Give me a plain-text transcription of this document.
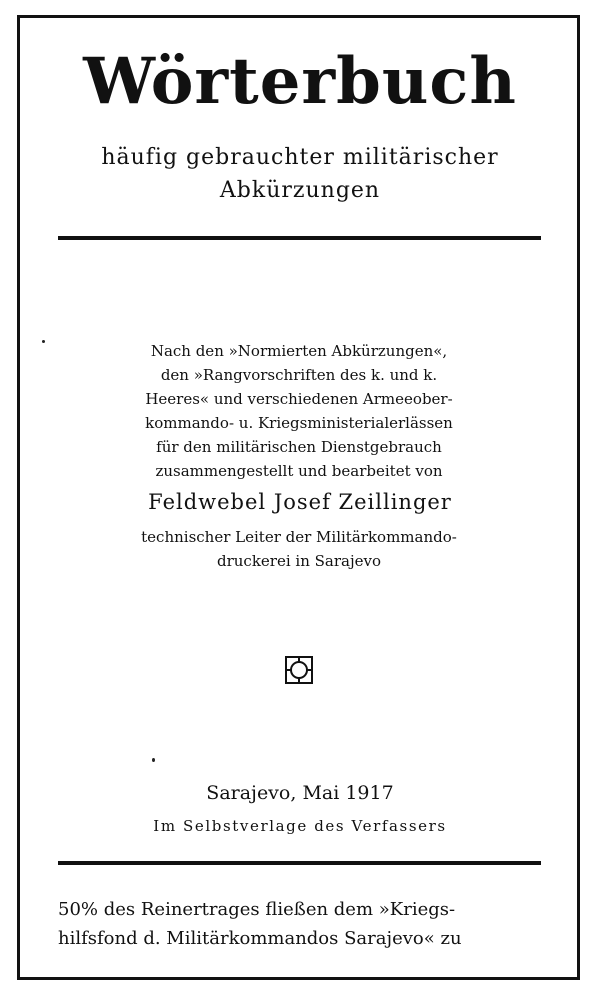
Wörterbuch
häufig gebrauchter militärischer
Abkürzungen
Nach den »Normierten Abkürzungen«,
den »Rangvorschriften des k. und k.
Heeres« und verschiedenen Armeeober-
kommando- u. Kriegsministerialerlässen
für den militärischen Dienstgebrauch
zusammengestellt und bearbeitet von
Feldwebel Josef Zeillinger
technischer Leiter der Militärkommando-
druckerei in Sarajevo
Sarajevo, Mai 1917
Im Selbstverlage des Verfassers
50% des Reinertrages fließen dem »Kriegs-
hilfsfond d. Militärkommandos Sarajevo« zu
